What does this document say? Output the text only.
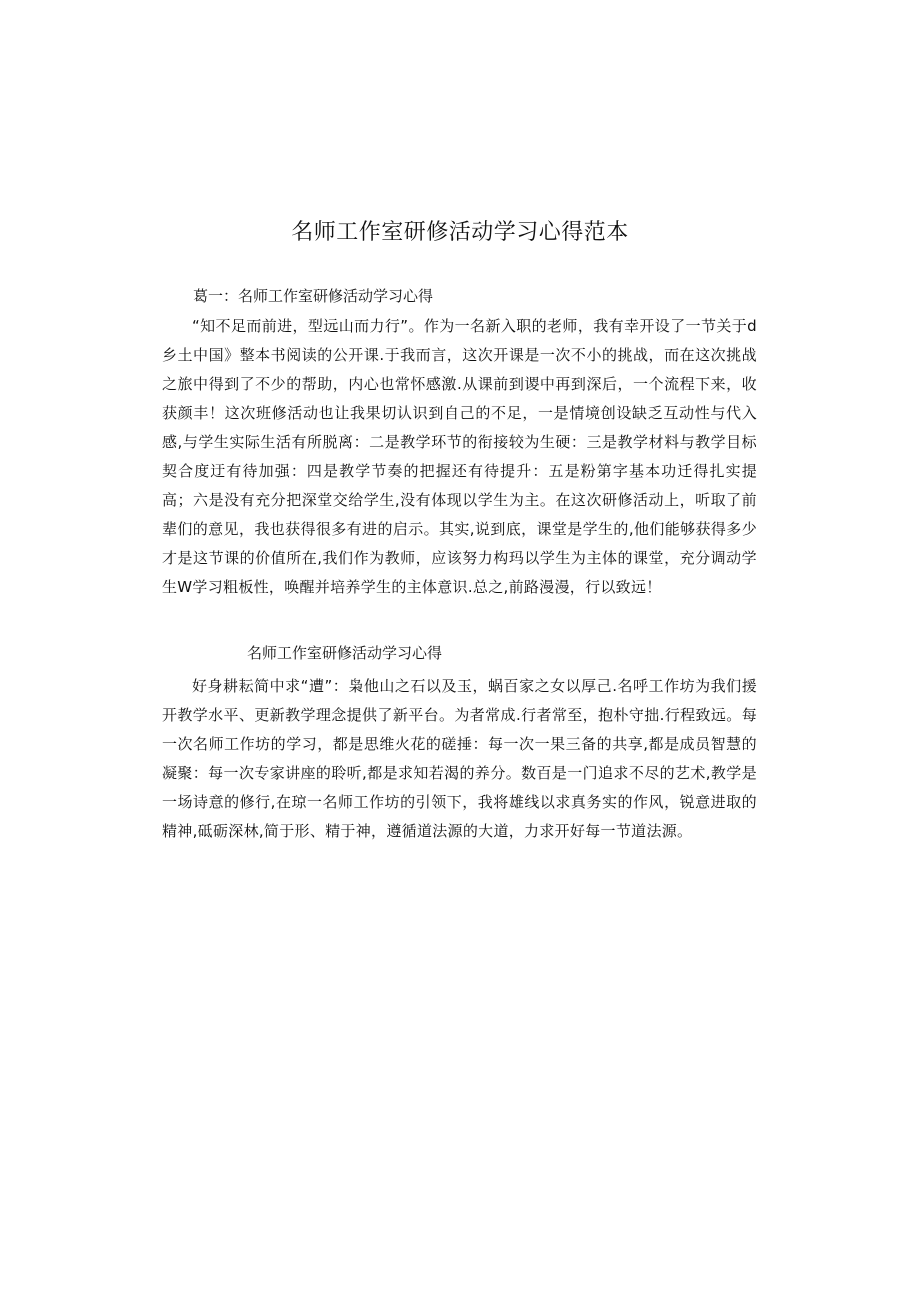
名师工作室研修活动学习心得范本
葛一：名师工作室研修活动学习心得

“知不足而前进，型远山而力行”。作为一名新入职的老师，我有幸开设了一节关于d乡土中国》整本书阅读的公开课.于我而言，这次开课是一次不小的挑战，而在这次挑战之旅中得到了不少的帮助，内心也常怀感激.从课前到谡中再到深后，一个流程下来，收获颜丰！这次班修活动也让我果切认识到自己的不足，一是情境创设缺乏互动性与代入感,与学生实际生活有所脱离：二是教学环节的衔接较为生硬：三是教学材料与教学目标契合度迂有待加强：四是教学节奏的把握还有待提升：五是粉第字基本功迁得扎实提高；六是没有充分把深堂交给学生,没有体现以学生为主。在这次研修活动上，听取了前辈们的意见，我也获得很多有进的启示。其实,说到底，课堂是学生的,他们能够获得多少才是这节课的价值所在,我们作为教师，应该努力构玛以学生为主体的课堂，充分调动学生W学习粗板性，唤醒并培养学生的主体意识.总之,前路漫漫，行以致远！

名师工作室研修活动学习心得

好身耕耘简中求“遭”：枭他山之石以及玉，蜗百家之女以厚己.名呼工作坊为我们援开教学水平、更新教学理念提供了新平台。为者常成.行者常至，抱朴守拙.行程致远。每一次名师工作坊的学习，都是思维火花的磋捶：每一次一果三备的共享,都是成员智慧的凝聚：每一次专家讲座的聆听,都是求知若渴的养分。数百是一门追求不尽的艺术,教学是一场诗意的修行,在琼一名师工作坊的引领下，我将雄线以求真务实的作风，锐意进取的精神,砥砺深林,简于形、精于神，遵循道法源的大道，力求开好每一节道法源。
